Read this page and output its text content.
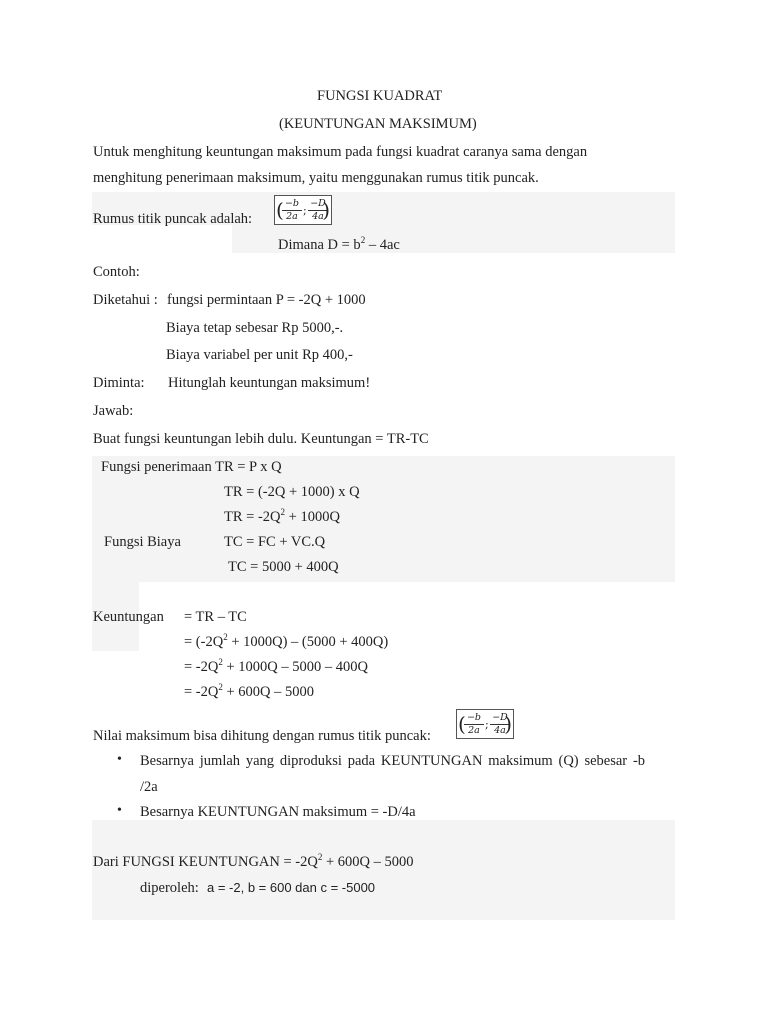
FUNGSI KUADRAT
(KEUNTUNGAN MAKSIMUM)
Untuk menghitung keuntungan maksimum pada fungsi kuadrat caranya sama dengan
menghitung penerimaan maksimum, yaitu menggunakan rumus titik puncak.
Rumus titik puncak adalah: (
$\frac{-b}{2a}$ ; $\frac{-D}{4a}$
)
Dimana $D = b^2 - 4ac$
Contoh:
Diketahui : fungsi permintaan P = -2Q + 1000
Biaya tetap sebesar Rp 5000,-.
Biaya variabel per unit Rp 400,-
Diminta: Hitunglah keuntungan maksimum!
Jawab:
Buat fungsi keuntungan lebih dulu. Keuntungan = TR-TC
Fungsi penerimaan TR = P x Q
TR = (-2Q + 1000) x Q
TR = $-2Q^2 + 1000Q$
Fungsi Biaya	TC = FC + VC.Q
TC = 5000 + 400Q
Keuntungan = TR – TC
= $(-2Q^2 + 1000Q) - (5000 + 400Q)$
= $-2Q^2 + 1000Q - 5000 - 400Q$
= $-2Q^2 + 600Q - 5000$
Nilai maksimum bisa dihitung dengan rumus titik puncak: (
$\frac{-b}{2a}$ ; $\frac{-D}{4a}$
)
• Besarnya jumlah yang diproduksi pada KEUNTUNGAN maksimum (Q) sebesar -b
/2a
• Besarnya KEUNTUNGAN maksimum = -D/4a
Dari FUNGSI KEUNTUNGAN = $-2Q^2 + 600Q - 5000$
diperoleh: a = -2, b = 600 dan c = -5000
